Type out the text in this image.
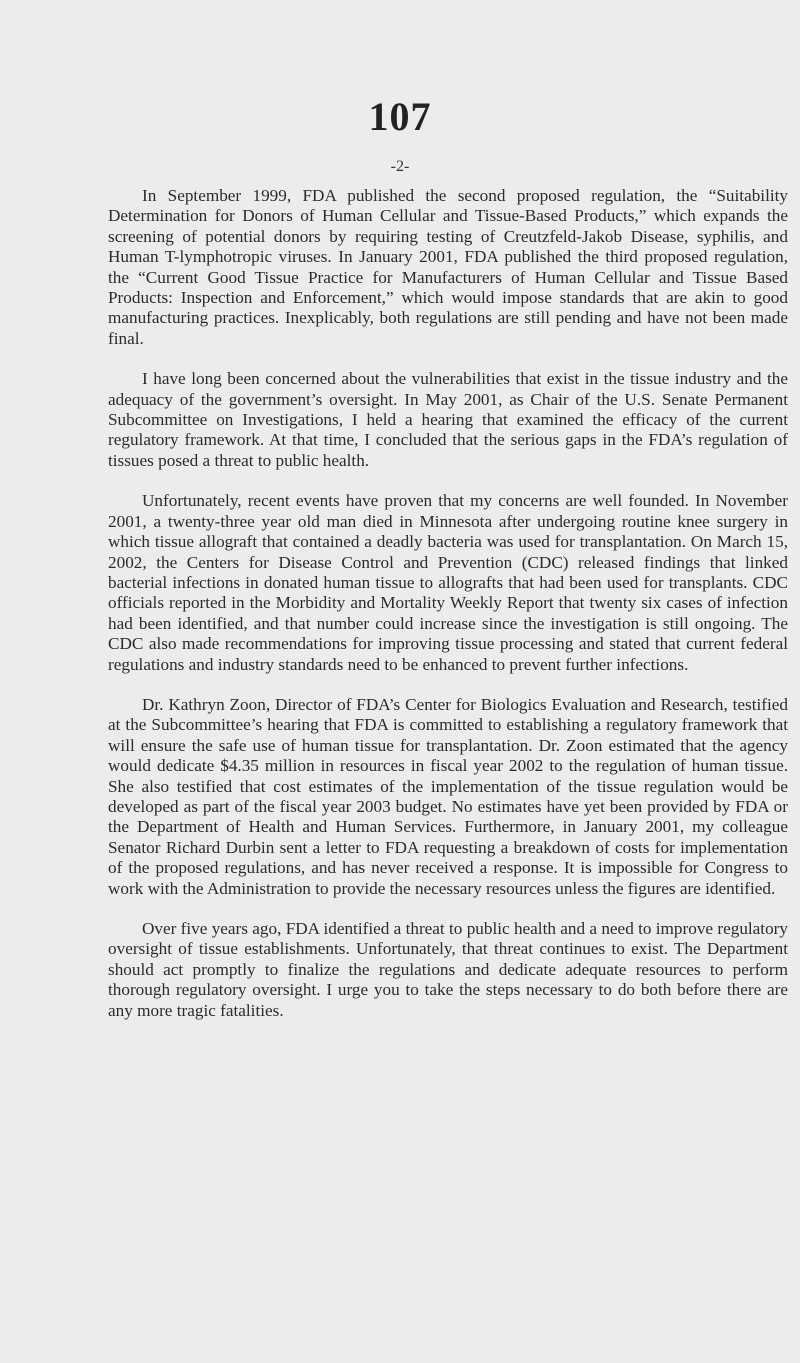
107
-2-

In September 1999, FDA published the second proposed regulation, the “Suitability Determination for Donors of Human Cellular and Tissue-Based Products,” which expands the screening of potential donors by requiring testing of Creutzfeld-Jakob Disease, syphilis, and Human T-lymphotropic viruses. In January 2001, FDA published the third proposed regulation, the “Current Good Tissue Practice for Manufacturers of Human Cellular and Tissue Based Products: Inspection and Enforcement,” which would impose standards that are akin to good manufacturing practices. Inexplicably, both regulations are still pending and have not been made final.

I have long been concerned about the vulnerabilities that exist in the tissue industry and the adequacy of the government’s oversight. In May 2001, as Chair of the U.S. Senate Permanent Subcommittee on Investigations, I held a hearing that examined the efficacy of the current regulatory framework. At that time, I concluded that the serious gaps in the FDA’s regulation of tissues posed a threat to public health.

Unfortunately, recent events have proven that my concerns are well founded. In November 2001, a twenty-three year old man died in Minnesota after undergoing routine knee surgery in which tissue allograft that contained a deadly bacteria was used for transplantation. On March 15, 2002, the Centers for Disease Control and Prevention (CDC) released findings that linked bacterial infections in donated human tissue to allografts that had been used for transplants. CDC officials reported in the Morbidity and Mortality Weekly Report that twenty six cases of infection had been identified, and that number could increase since the investigation is still ongoing. The CDC also made recommendations for improving tissue processing and stated that current federal regulations and industry standards need to be enhanced to prevent further infections.

Dr. Kathryn Zoon, Director of FDA’s Center for Biologics Evaluation and Research, testified at the Subcommittee’s hearing that FDA is committed to establishing a regulatory framework that will ensure the safe use of human tissue for transplantation. Dr. Zoon estimated that the agency would dedicate $4.35 million in resources in fiscal year 2002 to the regulation of human tissue. She also testified that cost estimates of the implementation of the tissue regulation would be developed as part of the fiscal year 2003 budget. No estimates have yet been provided by FDA or the Department of Health and Human Services. Furthermore, in January 2001, my colleague Senator Richard Durbin sent a letter to FDA requesting a breakdown of costs for implementation of the proposed regulations, and has never received a response. It is impossible for Congress to work with the Administration to provide the necessary resources unless the figures are identified.

Over five years ago, FDA identified a threat to public health and a need to improve regulatory oversight of tissue establishments. Unfortunately, that threat continues to exist. The Department should act promptly to finalize the regulations and dedicate adequate resources to perform thorough regulatory oversight. I urge you to take the steps necessary to do both before there are any more tragic fatalities.
